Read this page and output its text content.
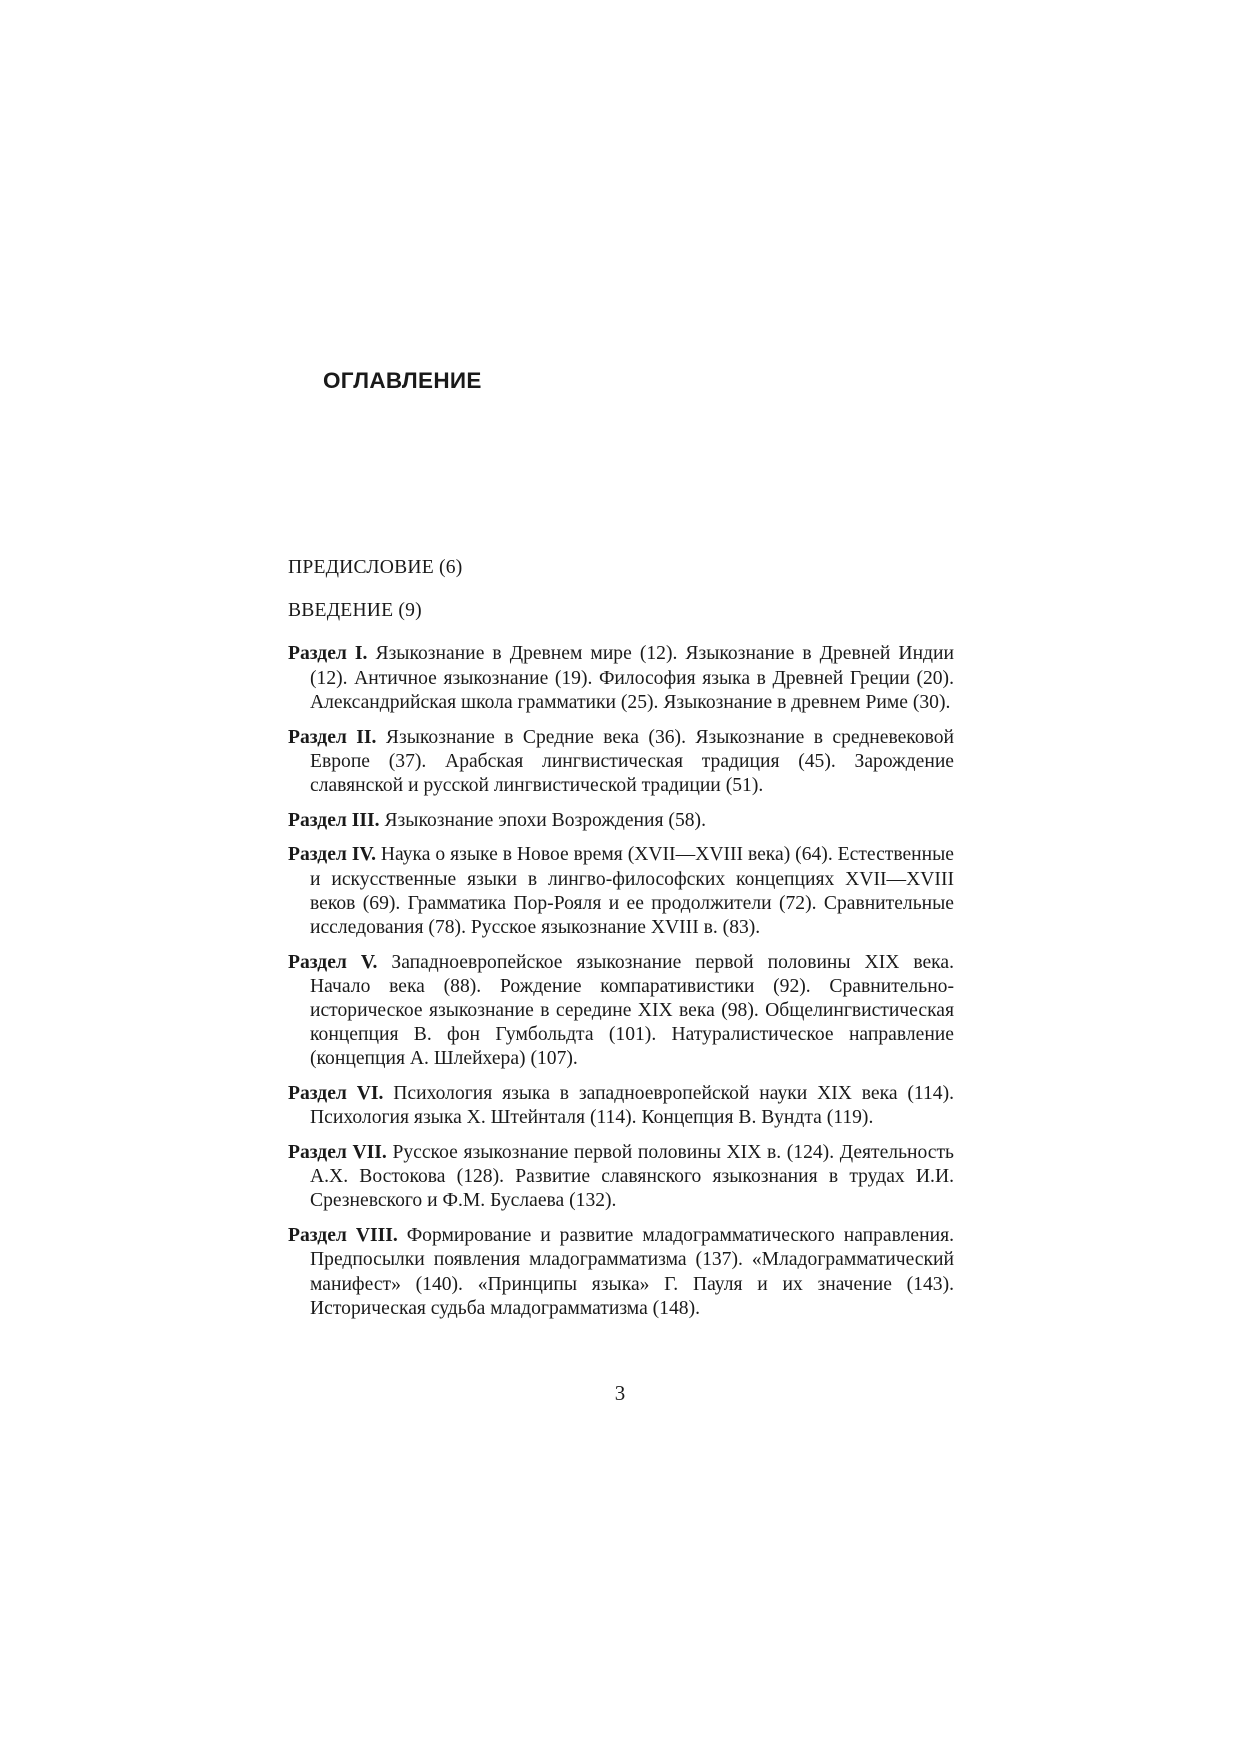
ОГЛАВЛЕНИЕ

ПРЕДИСЛОВИЕ (6)

ВВЕДЕНИЕ (9)

Раздел I. Языкознание в Древнем мире (12). Языкознание в Древней Индии (12). Античное языкознание (19). Философия языка в Древней Греции (20). Александрийская школа грамматики (25). Языкознание в древнем Риме (30).

Раздел II. Языкознание в Средние века (36). Языкознание в средневековой Европе (37). Арабская лингвистическая традиция (45). Зарождение славянской и русской лингвистической традиции (51).

Раздел III. Языкознание эпохи Возрождения (58).

Раздел IV. Наука о языке в Новое время (XVII—XVIII века) (64). Естественные и искусственные языки в лингво-философских концепциях XVII—XVIII веков (69). Грамматика Пор-Рояля и ее продолжители (72). Сравнительные исследования (78). Русское языкознание XVIII в. (83).

Раздел V. Западноевропейское языкознание первой половины XIX века. Начало века (88). Рождение компаративистики (92). Сравнительно-историческое языкознание в середине XIX века (98). Общелингвистическая концепция В. фон Гумбольдта (101). Натуралистическое направление (концепция А. Шлейхера) (107).

Раздел VI. Психология языка в западноевропейской науки XIX века (114). Психология языка Х. Штейнталя (114). Концепция В. Вундта (119).

Раздел VII. Русское языкознание первой половины XIX в. (124). Деятельность А.Х. Востокова (128). Развитие славянского языкознания в трудах И.И. Срезневского и Ф.М. Буслаева (132).

Раздел VIII. Формирование и развитие младограмматического направления. Предпосылки появления младограмматизма (137). «Младограмматический манифест» (140). «Принципы языка» Г. Пауля и их значение (143). Историческая судьба младограмматизма (148).

3
